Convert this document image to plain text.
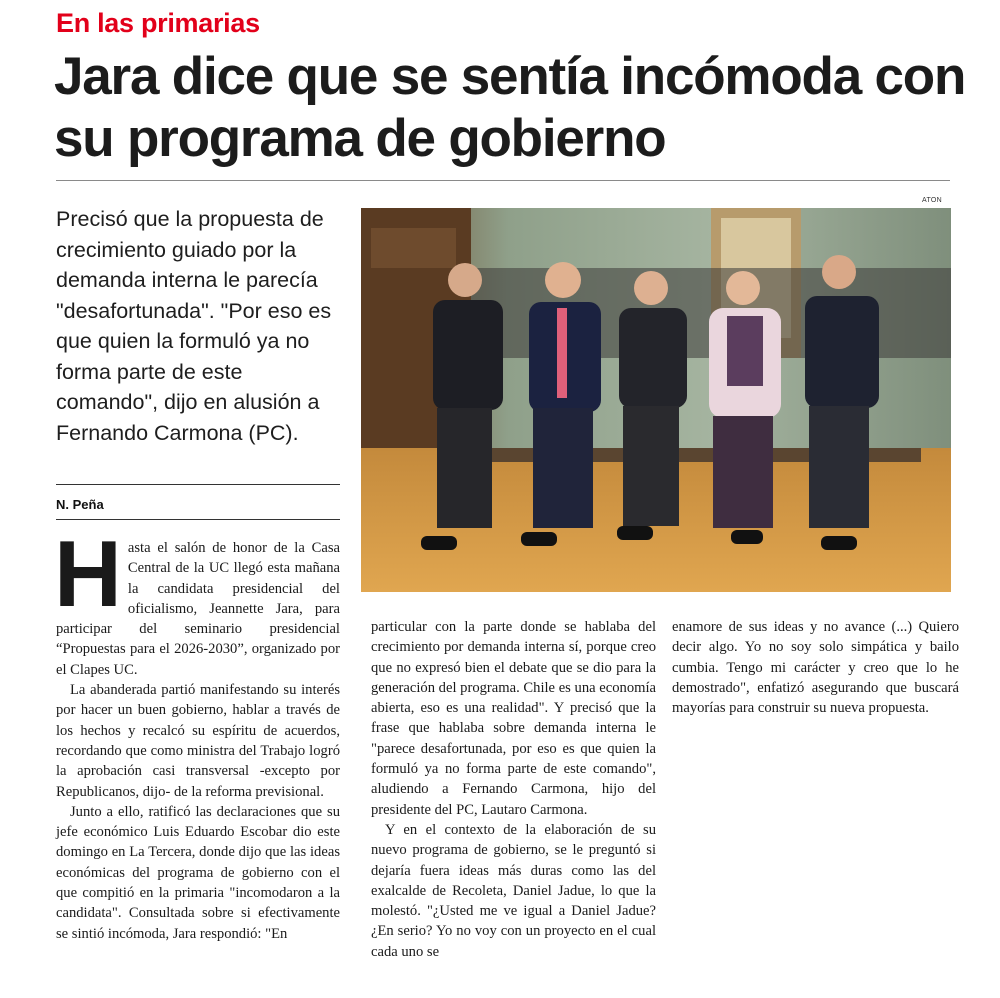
En las primarias
Jara dice que se sentía incómoda con su programa de gobierno
Precisó que la propuesta de crecimiento guiado por la demanda interna le parecía "desafortunada". "Por eso es que quien la formuló ya no forma parte de este comando", dijo en alusión a Fernando Carmona (PC).
N. Peña
ATON

Hasta el salón de honor de la Casa Central de la UC llegó esta mañana la candidata presidencial del oficialismo, Jeannette Jara, para participar del seminario presidencial “Propuestas para el 2026-2030”, organizado por el Clapes UC.

La abanderada partió manifestando su interés por hacer un buen gobierno, hablar a través de los hechos y recalcó su espíritu de acuerdos, recordando que como ministra del Trabajo logró la aprobación casi transversal -excepto por Republicanos, dijo- de la reforma previsional.

Junto a ello, ratificó las declaraciones que su jefe económico Luis Eduardo Escobar dio este domingo en La Tercera, donde dijo que las ideas económicas del programa de gobierno con el que compitió en la primaria "incomodaron a la candidata". Consultada sobre si efectivamente se sintió incómoda, Jara respondió: "En

particular con la parte donde se hablaba del crecimiento por demanda interna sí, porque creo que no expresó bien el debate que se dio para la generación del programa. Chile es una economía abierta, eso es una realidad". Y precisó que la frase que hablaba sobre demanda interna le "parece desafortunada, por eso es que quien la formuló ya no forma parte de este comando", aludiendo a Fernando Carmona, hijo del presidente del PC, Lautaro Carmona.

Y en el contexto de la elaboración de su nuevo programa de gobierno, se le preguntó si dejaría fuera ideas más duras como las del exalcalde de Recoleta, Daniel Jadue, lo que la molestó. "¿Usted me ve igual a Daniel Jadue? ¿En serio? Yo no voy con un proyecto en el cual cada uno se

enamore de sus ideas y no avance (...) Quiero decir algo. Yo no soy solo simpática y bailo cumbia. Tengo mi carácter y creo que lo he demostrado", enfatizó asegurando que buscará mayorías para construir su nueva propuesta.
